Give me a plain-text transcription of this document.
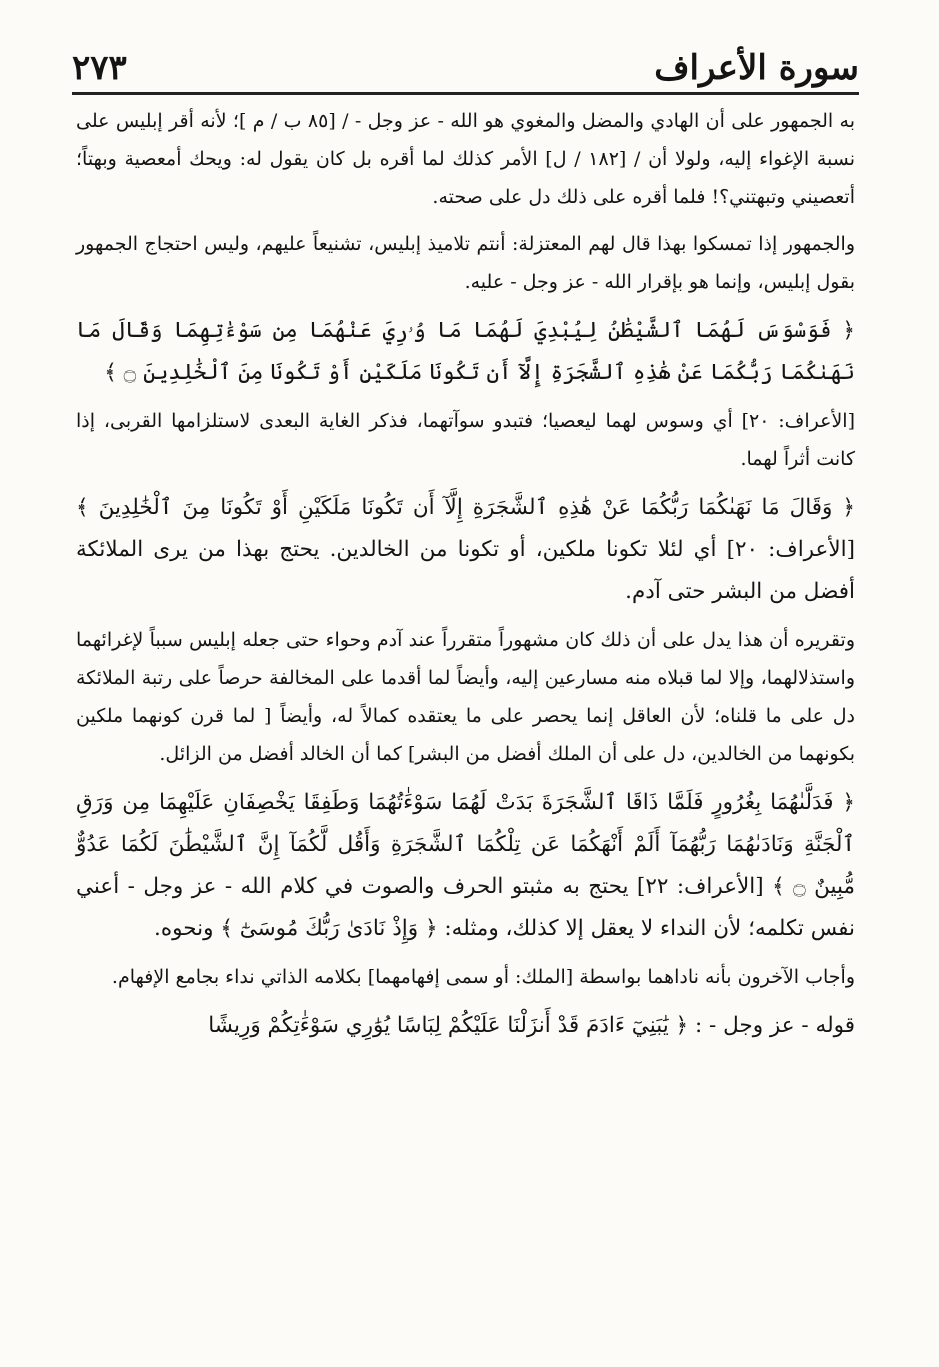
سورة الأعراف
٢٧٣

به الجمهور على أن الهادي والمضل والمغوي هو الله - عز وجل - / [٨٥ ب / م ]؛ لأنه أقر إبليس على نسبة الإغواء إليه، ولولا أن / [١٨٢ / ل] الأمر كذلك لما أقره بل كان يقول له: ويحك أمعصية وبهتاً؛ أتعصيني وتبهتني؟! فلما أقره على ذلك دل على صحته.

والجمهور إذا تمسكوا بهذا قال لهم المعتزلة: أنتم تلاميذ إبليس، تشنيعاً عليهم، وليس احتجاج الجمهور بقول إبليس، وإنما هو بإقرار الله - عز وجل - عليه.

﴿ فَوَسْوَسَ لَهُمَا ٱلشَّيْطَٰنُ لِيُبْدِيَ لَهُمَا مَا وُۥرِيَ عَنْهُمَا مِن سَوْءَٰتِهِمَا وَقَالَ مَا نَهَىٰكُمَا رَبُّكُمَا عَنْ هَٰذِهِ ٱلشَّجَرَةِ إِلَّآ أَن تَكُونَا مَلَكَيْنِ أَوْ تَكُونَا مِنَ ٱلْخَٰلِدِينَ ۝ ﴾

[الأعراف: ٢٠] أي وسوس لهما ليعصيا؛ فتبدو سوآتهما، فذكر الغاية البعدى لاستلزامها القربى، إذا كانت أثراً لهما.

﴿ وَقَالَ مَا نَهَىٰكُمَا رَبُّكُمَا عَنْ هَٰذِهِ ٱلشَّجَرَةِ إِلَّآ أَن تَكُونَا مَلَكَيْنِ أَوْ تَكُونَا مِنَ ٱلْخَٰلِدِينَ ﴾ [الأعراف: ٢٠] أي لئلا تكونا ملكين، أو تكونا من الخالدين. يحتج بهذا من يرى الملائكة أفضل من البشر حتى آدم.

وتقريره أن هذا يدل على أن ذلك كان مشهوراً متقرراً عند آدم وحواء حتى جعله إبليس سبباً لإغرائهما واستذلالهما، وإلا لما قبلاه منه مسارعين إليه، وأيضاً لما أقدما على المخالفة حرصاً على رتبة الملائكة دل على ما قلناه؛ لأن العاقل إنما يحصر على ما يعتقده كمالاً له، وأيضاً [ لما قرن كونهما ملكين بكونهما من الخالدين، دل على أن الملك أفضل من البشر] كما أن الخالد أفضل من الزائل.

﴿ فَدَلَّىٰهُمَا بِغُرُورٍ فَلَمَّا ذَاقَا ٱلشَّجَرَةَ بَدَتْ لَهُمَا سَوْءَٰتُهُمَا وَطَفِقَا يَخْصِفَانِ عَلَيْهِمَا مِن وَرَقِ ٱلْجَنَّةِ وَنَادَىٰهُمَا رَبُّهُمَآ أَلَمْ أَنْهَكُمَا عَن تِلْكُمَا ٱلشَّجَرَةِ وَأَقُل لَّكُمَآ إِنَّ ٱلشَّيْطَٰنَ لَكُمَا عَدُوٌّ مُّبِينٌ ۝ ﴾ [الأعراف: ٢٢] يحتج به مثبتو الحرف والصوت في كلام الله - عز وجل - أعني نفس تكلمه؛ لأن النداء لا يعقل إلا كذلك، ومثله: ﴿ وَإِذْ نَادَىٰ رَبُّكَ مُوسَىٰٓ ﴾ ونحوه.

وأجاب الآخرون بأنه ناداهما بواسطة [الملك: أو سمى إفهامهما] بكلامه الذاتي نداء بجامع الإفهام.

قوله - عز وجل - : ﴿ يَٰبَنِيٓ ءَادَمَ قَدْ أَنزَلْنَا عَلَيْكُمْ لِبَاسًا يُوَٰرِي سَوْءَٰتِكُمْ وَرِيشًا
